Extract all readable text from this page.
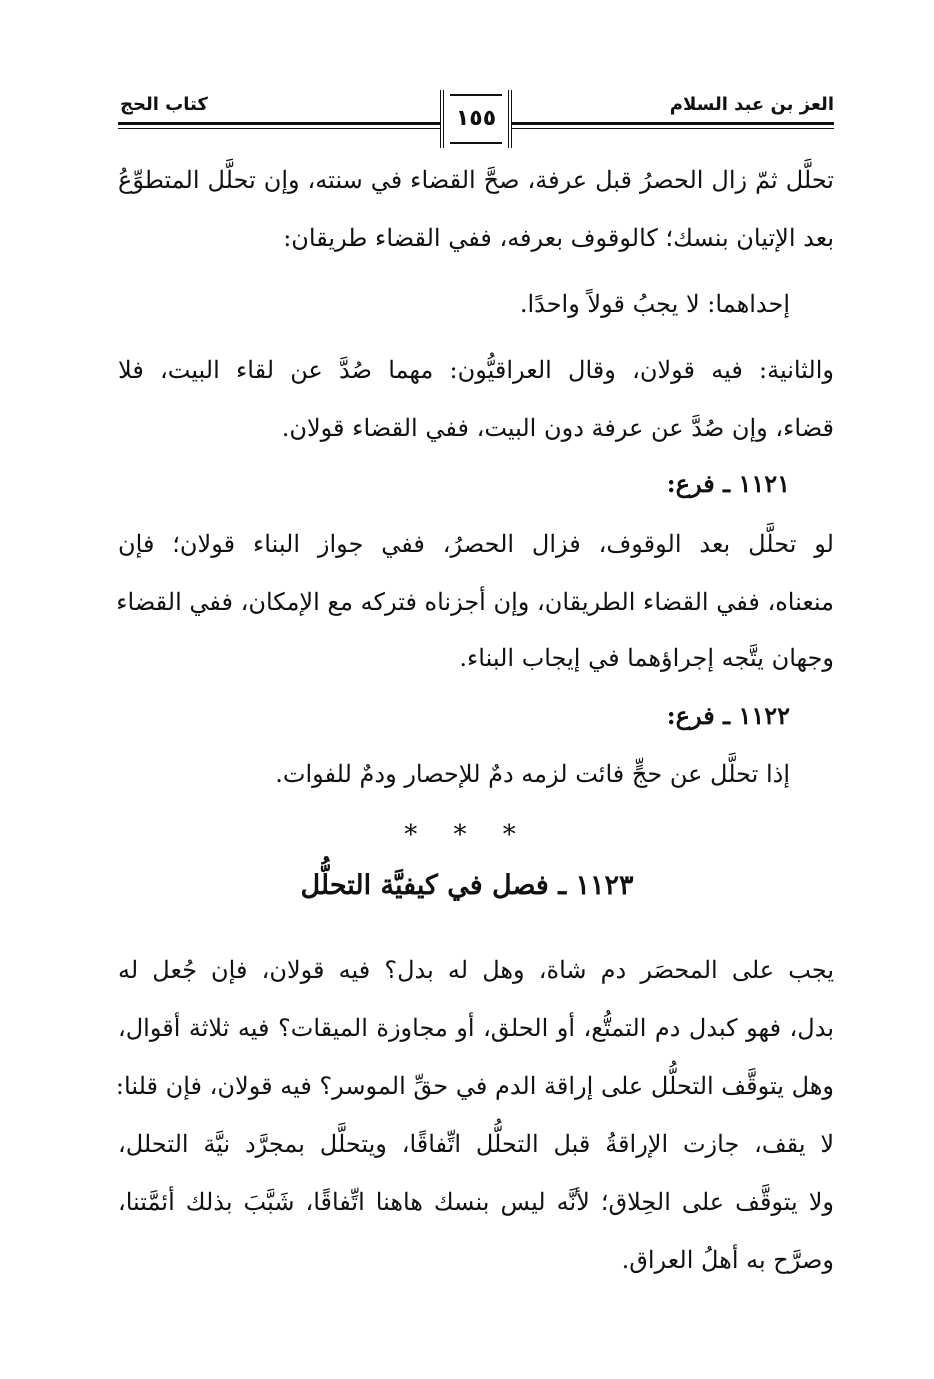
العز بن عبد السلام
كتاب الحج
١٥٥
تحلَّل ثمّ زال الحصرُ قبل عرفة، صحَّ القضاء في سنته، وإن تحلَّل المتطوِّعُ
بعد الإتيان بنسك؛ كالوقوف بعرفه، ففي القضاء طريقان:
إحداهما: لا يجبُ قولاً واحدًا.
والثانية: فيه قولان، وقال العراقيُّون: مهما صُدَّ عن لقاء البيت، فلا
قضاء، وإن صُدَّ عن عرفة دون البيت، ففي القضاء قولان.
١١٢١ ـ فرع:
لو تحلَّل بعد الوقوف، فزال الحصرُ، ففي جواز البناء قولان؛ فإن
منعناه، ففي القضاء الطريقان، وإن أجزناه فتركه مع الإمكان، ففي القضاء
وجهان يتَّجه إجراؤهما في إيجاب البناء.
١١٢٢ ـ فرع:
إذا تحلَّل عن حجٍّ فائت لزمه دمٌ للإحصار ودمٌ للفوات.
يجب على المحصَر دم شاة، وهل له بدل؟ فيه قولان، فإن جُعل له
بدل، فهو كبدل دم التمتُّع، أو الحلق، أو مجاوزة الميقات؟ فيه ثلاثة أقوال،
وهل يتوقَّف التحلُّل على إراقة الدم في حقِّ الموسر؟ فيه قولان، فإن قلنا:
لا يقف، جازت الإراقةُ قبل التحلُّل اتِّفاقًا، ويتحلَّل بمجرَّد نيَّة التحلل،
ولا يتوقَّف على الحِلاق؛ لأنَّه ليس بنسك هاهنا اتِّفاقًا، شَبَّبَ بذلك أئمَّتنا،
وصرَّح به أهلُ العراق.
* * *
١١٢٣ ـ فصل في كيفيَّة التحلُّل
